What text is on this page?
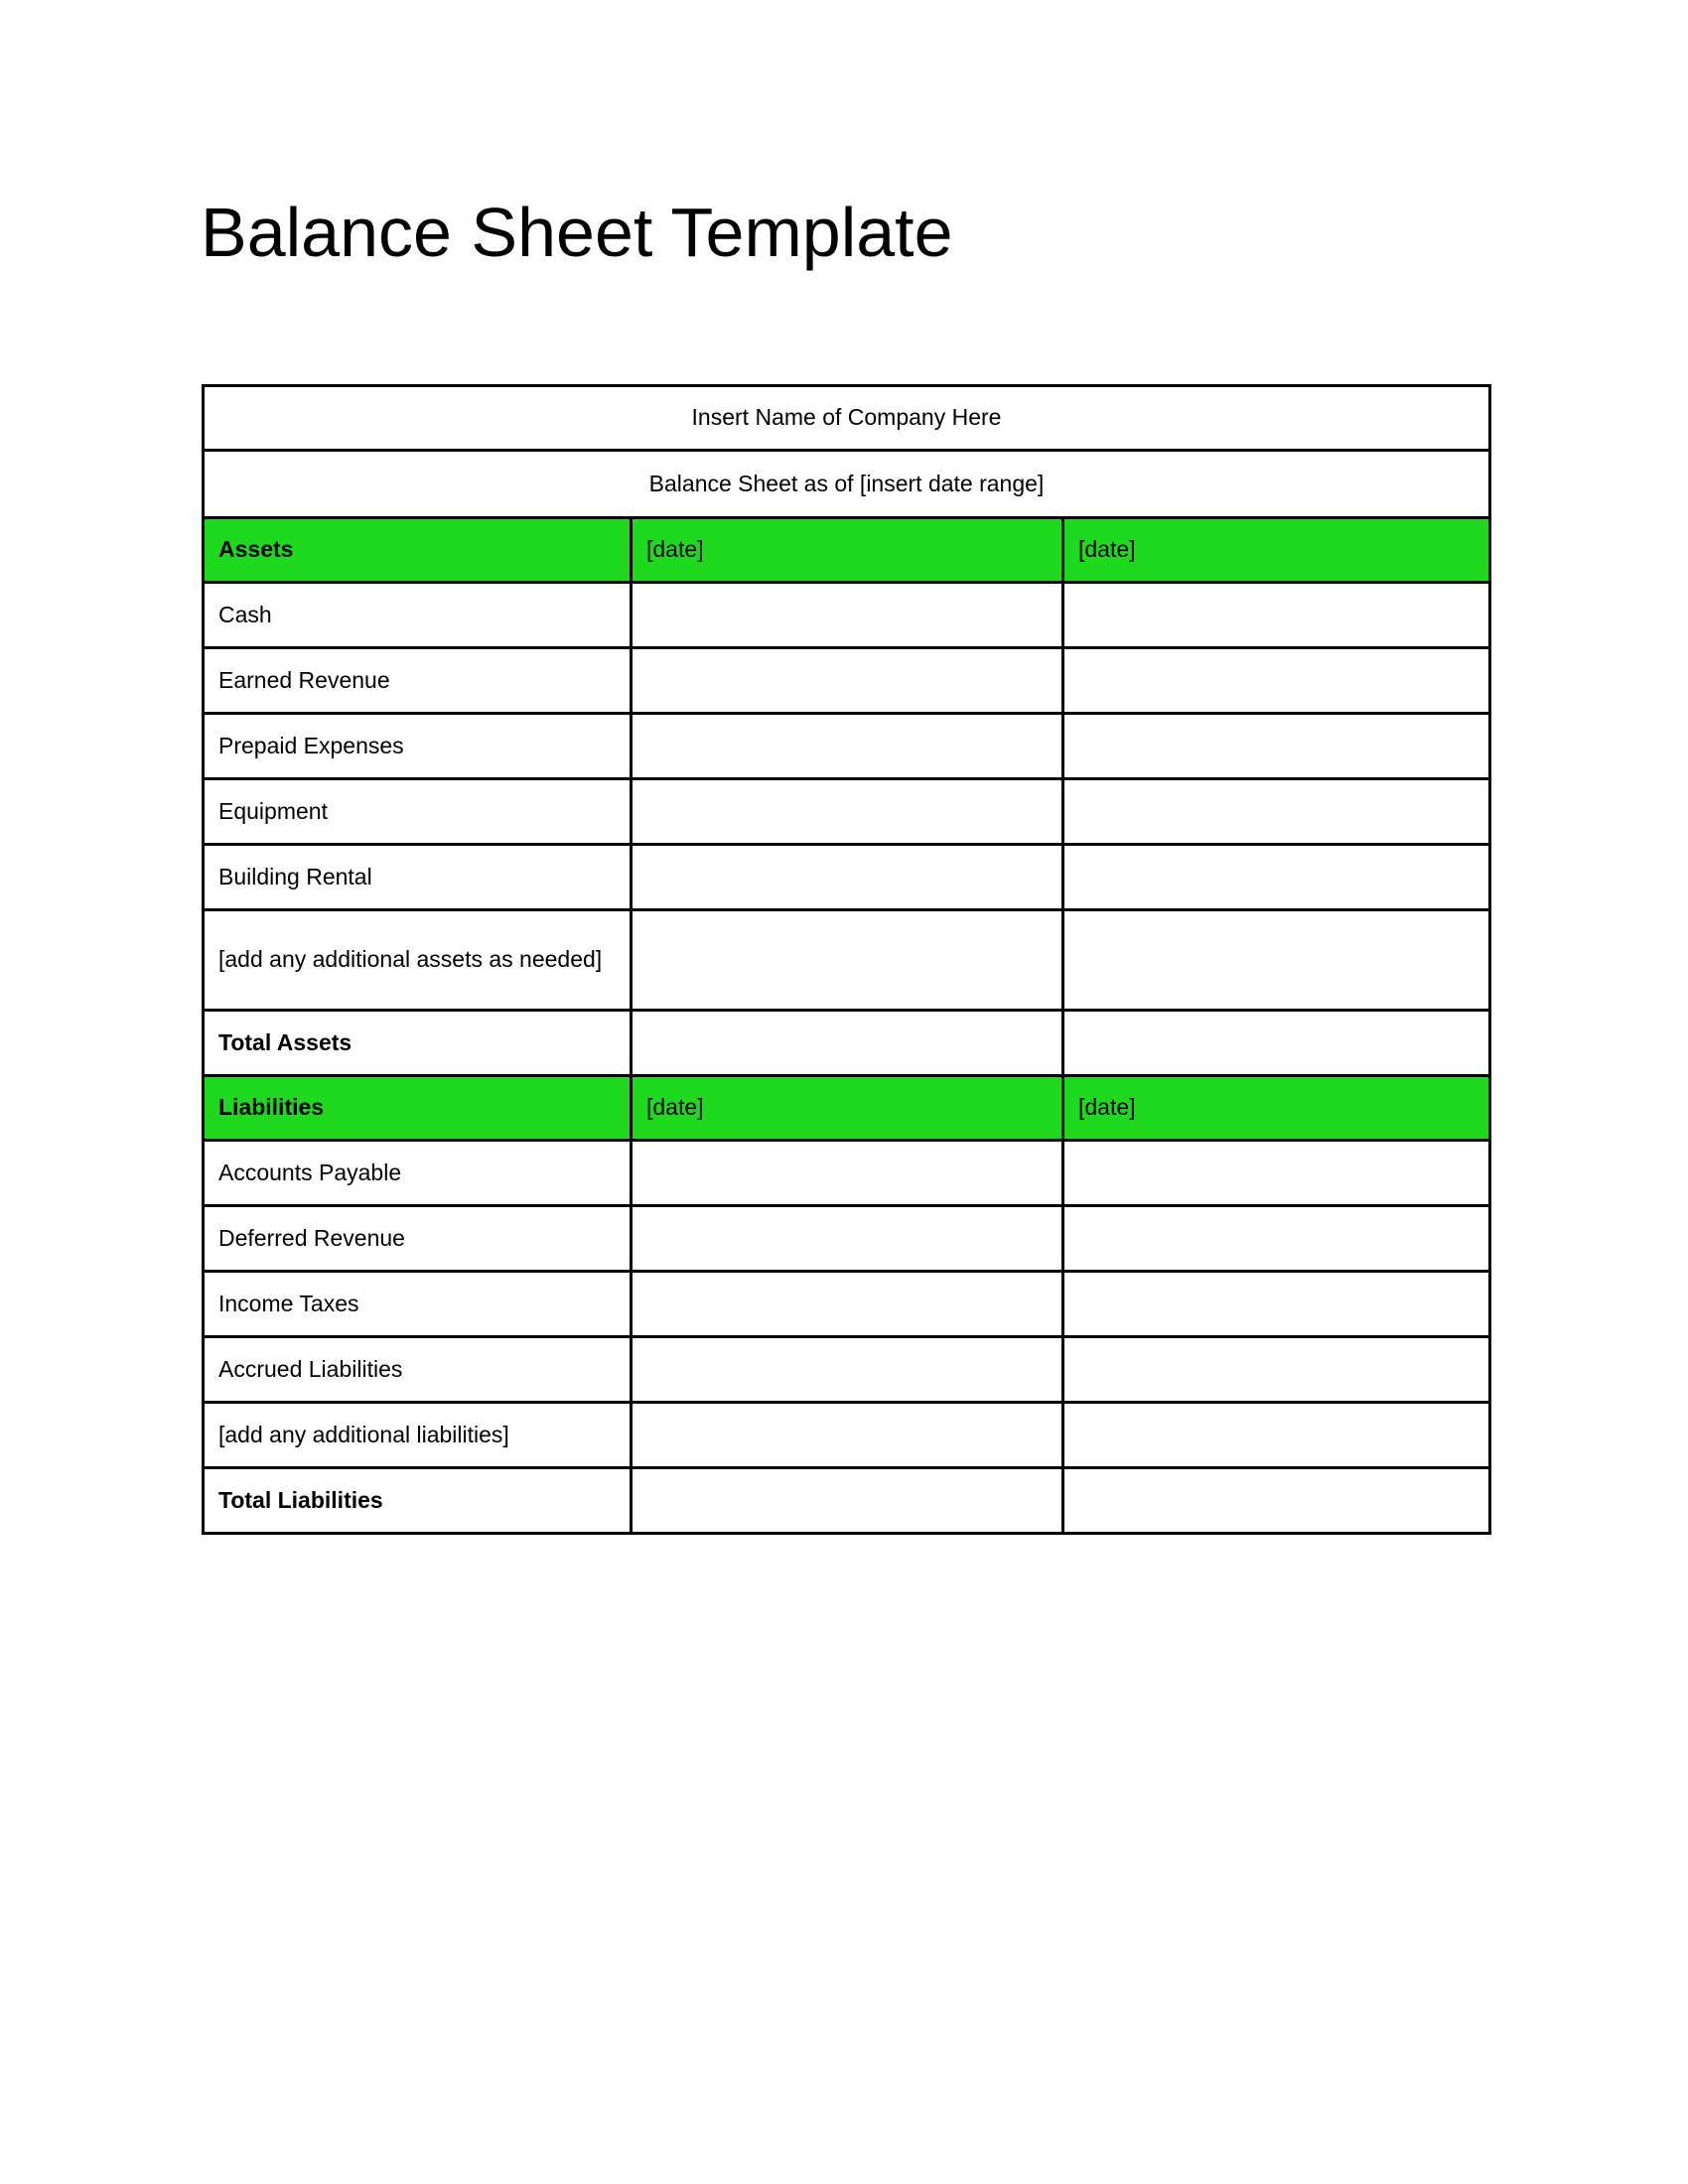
Balance Sheet Template
Insert Name of Company Here		
Balance Sheet as of [insert date range]		
Assets	[date]	[date]
Cash		
Earned Revenue		
Prepaid Expenses		
Equipment		
Building Rental		
[add any additional assets as needed]		
Total Assets		
Liabilities	[date]	[date]
Accounts Payable		
Deferred Revenue		
Income Taxes		
Accrued Liabilities		
[add any additional liabilities]		
Total Liabilities		
